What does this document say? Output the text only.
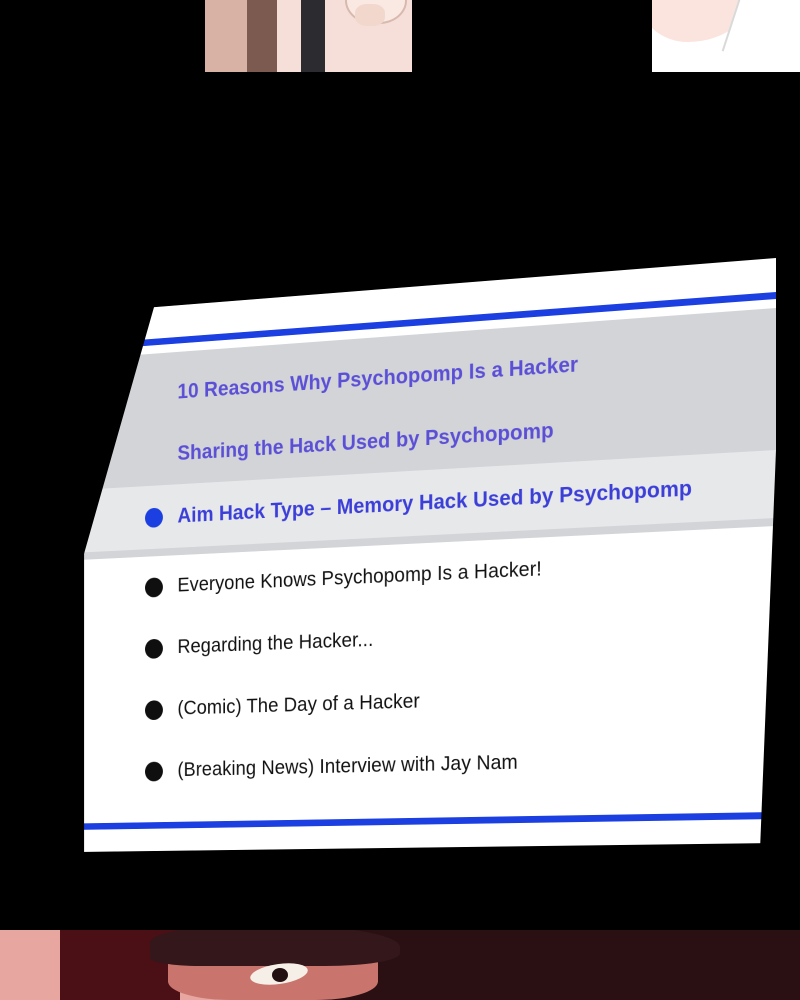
10 Reasons Why Psychopomp Is a Hacker
Sharing the Hack Used by Psychopomp
Aim Hack Type – Memory Hack Used by Psychopomp
Everyone Knows Psychopomp Is a Hacker!
Regarding the Hacker...
(Comic) The Day of a Hacker
(Breaking News) Interview with Jay Nam
